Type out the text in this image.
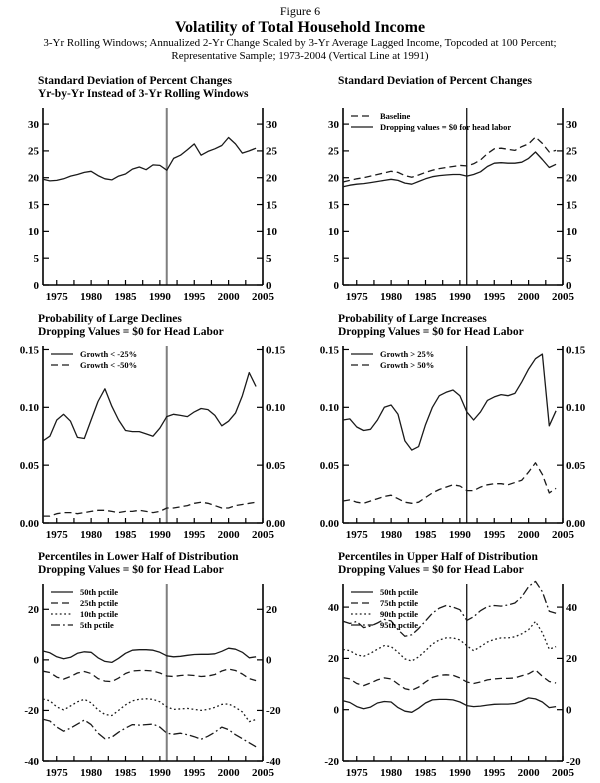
Figure 6
Volatility of Total Household Income
3-Yr Rolling Windows; Annualized 2-Yr Change Scaled by 3-Yr Average Lagged Income, Topcoded at 100 Percent;
Representative Sample; 1973-2004 (Vertical Line at 1991)
Standard Deviation of Percent Changes
Yr-by-Yr Instead of 3-Yr Rolling Windows
0	0
5	5
10	10
15	15
20	20
25	25
30	30
1975 1980 1985 1990 1995 2000 2005
Standard Deviation of Percent Changes
0	0
5	5
10	10
15	15
20	20
25	25
30	30
1975 1980 1985 1990 1995 2000 2005
Baseline
Dropping values = $0 for head labor
Probability of Large Declines
Dropping Values = $0 for Head Labor
0.00	0.00
0.05	0.05
0.10	0.10
0.15	0.15
1975 1980 1985 1990 1995 2000 2005
Growth < -25%
Growth < -50%
Probability of Large Increases
Dropping Values = $0 for Head Labor
0.00	0.00
0.05	0.05
0.10	0.10
0.15	0.15
1975 1980 1985 1990 1995 2000 2005
Growth > 25%
Growth > 50%
Percentiles in Lower Half of Distribution
Dropping Values = $0 for Head Labor
-40	-40
-20	-20
0	0
20	20
1975 1980 1985 1990 1995 2000 2005
50th pctile
25th pctile
10th pctile
5th pctile
Percentiles in Upper Half of Distribution
Dropping Values = $0 for Head Labor
-20	-20
0	0
20	20
40	40
1975 1980 1985 1990 1995 2000 2005
50th pctile
75th pctile
90th pctile
95th pctile
